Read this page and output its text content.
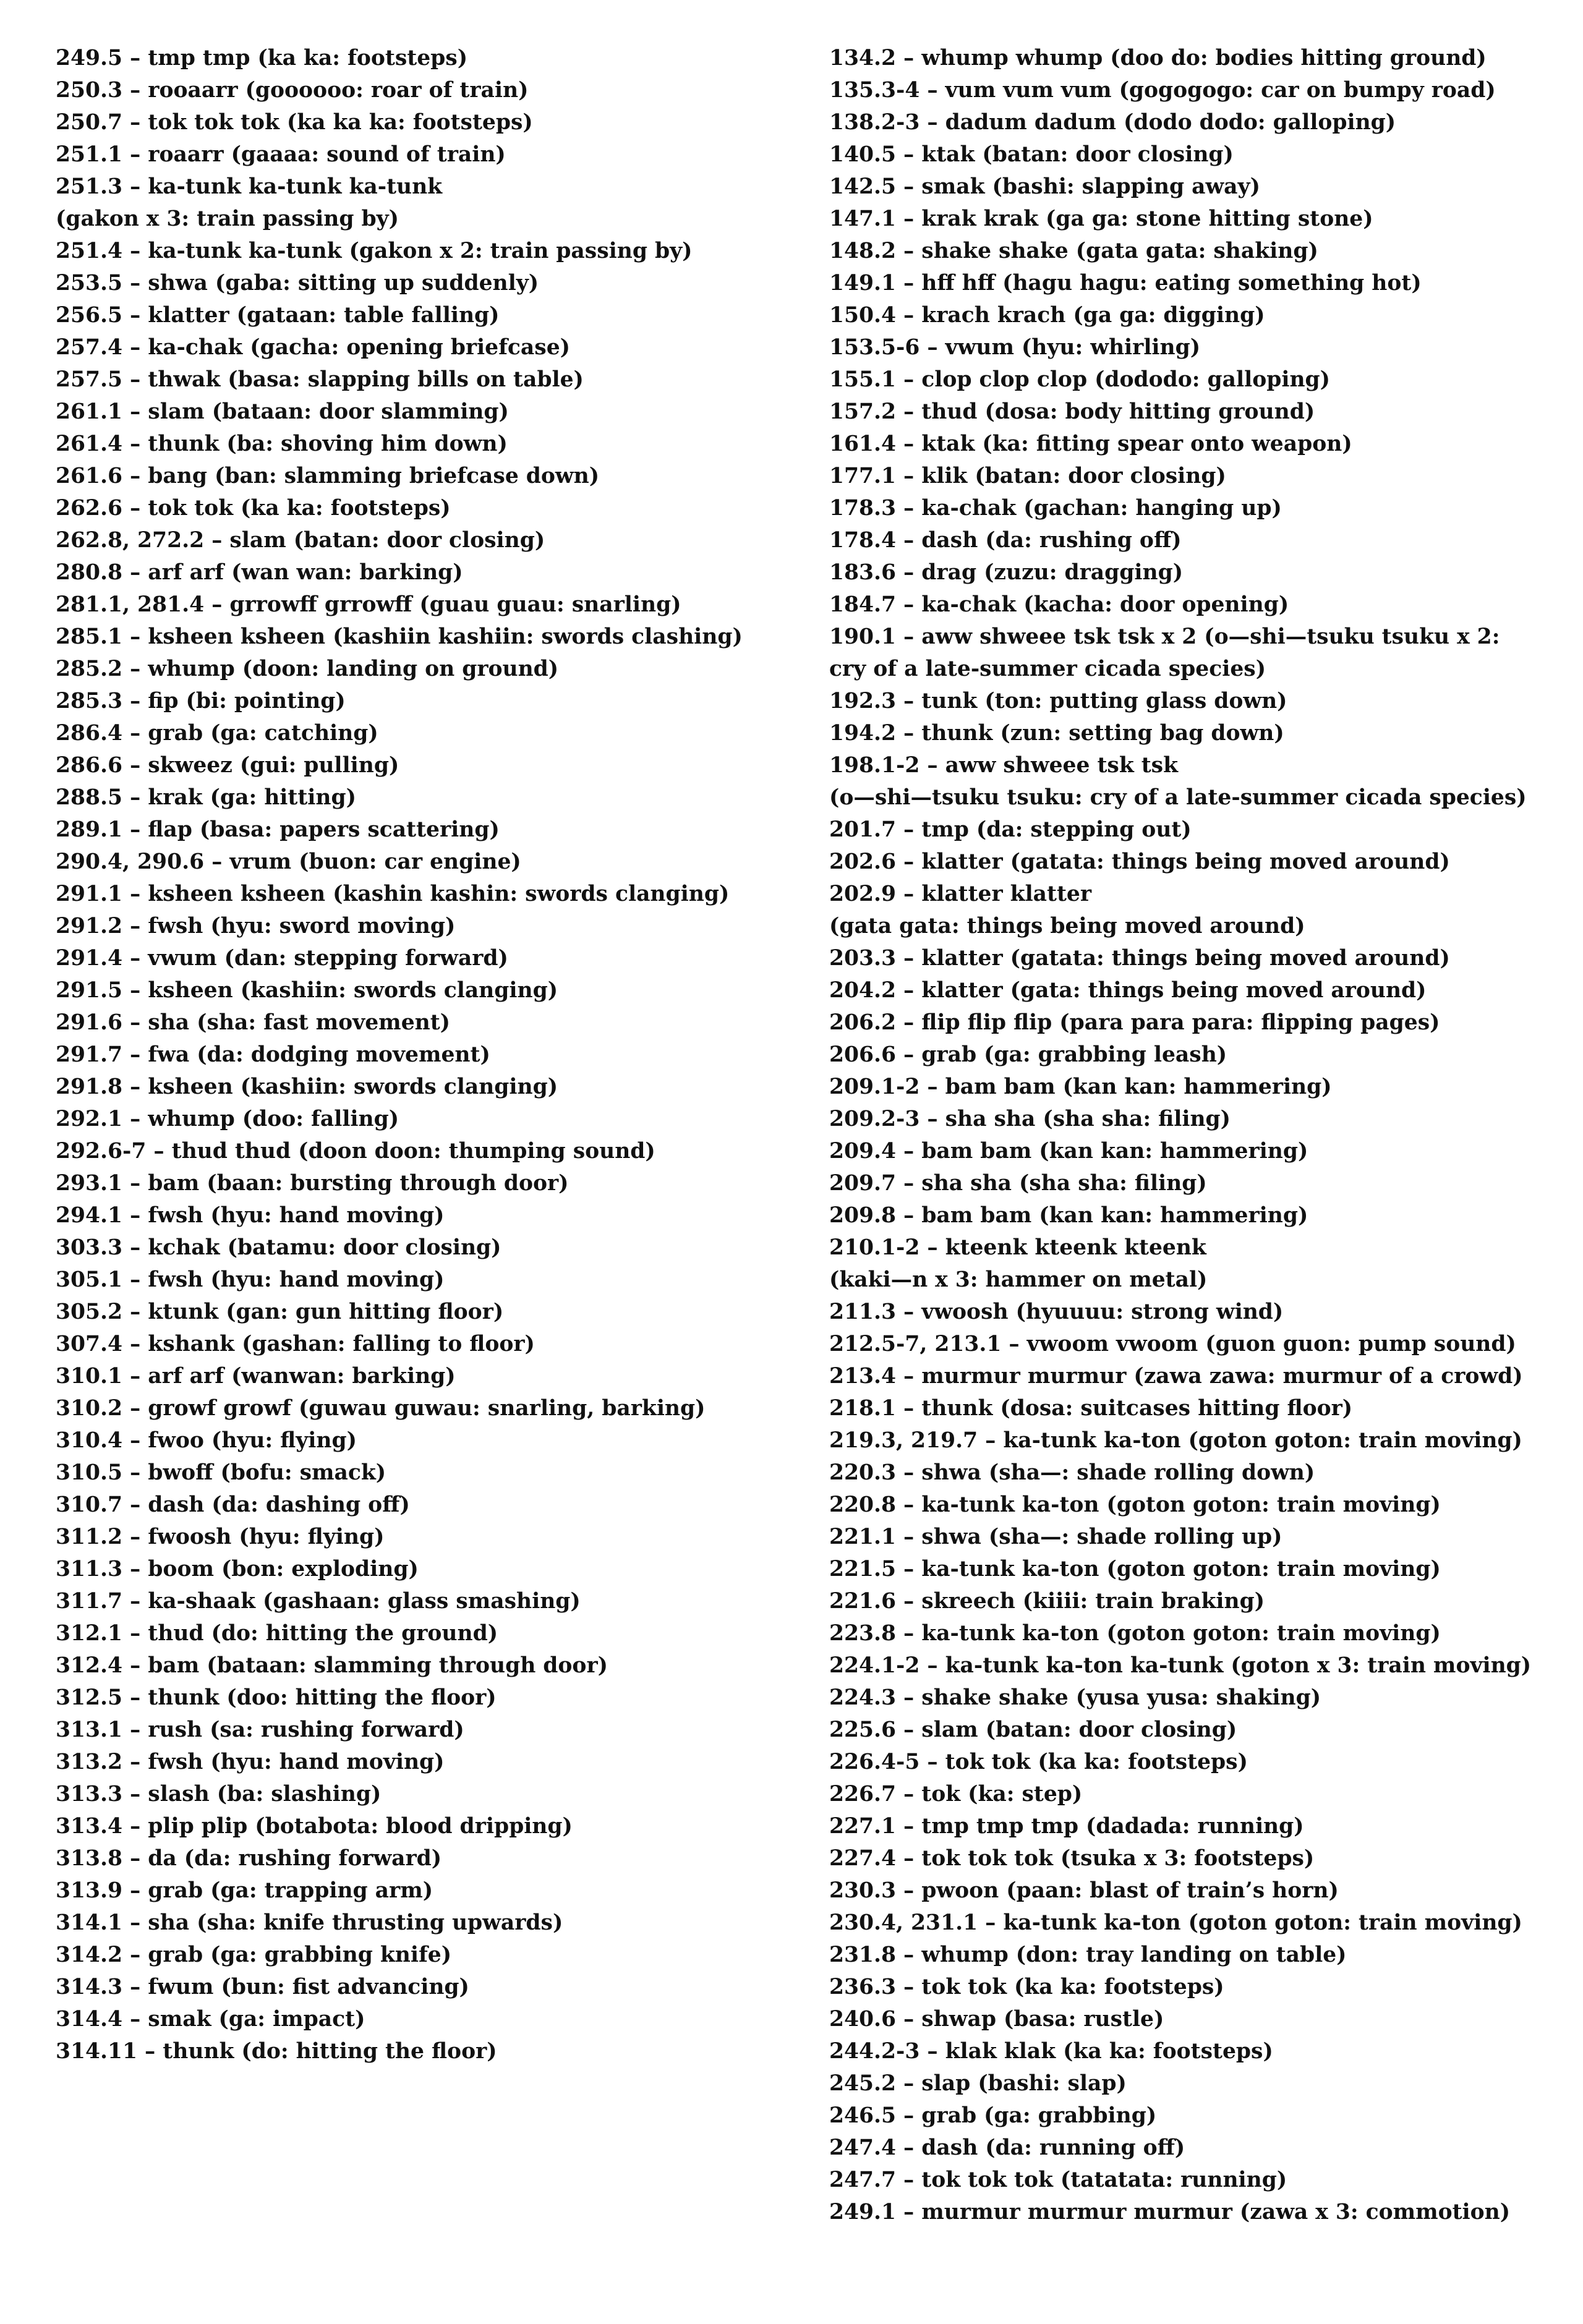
249.5 – tmp tmp (ka ka: footsteps)
250.3 – rooaarr (goooooo: roar of train)
250.7 – tok tok tok (ka ka ka: footsteps)
251.1 – roaarr (gaaaa: sound of train)
251.3 – ka-tunk ka-tunk ka-tunk
(gakon x 3: train passing by)
251.4 – ka-tunk ka-tunk (gakon x 2: train passing by)
253.5 – shwa (gaba: sitting up suddenly)
256.5 – klatter (gataan: table falling)
257.4 – ka-chak (gacha: opening briefcase)
257.5 – thwak (basa: slapping bills on table)
261.1 – slam (bataan: door slamming)
261.4 – thunk (ba: shoving him down)
261.6 – bang (ban: slamming briefcase down)
262.6 – tok tok (ka ka: footsteps)
262.8, 272.2 – slam (batan: door closing)
280.8 – arf arf (wan wan: barking)
281.1, 281.4 – grrowff grrowff (guau guau: snarling)
285.1 – ksheen ksheen (kashiin kashiin: swords clashing)
285.2 – whump (doon: landing on ground)
285.3 – fip (bi: pointing)
286.4 – grab (ga: catching)
286.6 – skweez (gui: pulling)
288.5 – krak (ga: hitting)
289.1 – flap (basa: papers scattering)
290.4, 290.6 – vrum (buon: car engine)
291.1 – ksheen ksheen (kashin kashin: swords clanging)
291.2 – fwsh (hyu: sword moving)
291.4 – vwum (dan: stepping forward)
291.5 – ksheen (kashiin: swords clanging)
291.6 – sha (sha: fast movement)
291.7 – fwa (da: dodging movement)
291.8 – ksheen (kashiin: swords clanging)
292.1 – whump (doo: falling)
292.6-7 – thud thud (doon doon: thumping sound)
293.1 – bam (baan: bursting through door)
294.1 – fwsh (hyu: hand moving)
303.3 – kchak (batamu: door closing)
305.1 – fwsh (hyu: hand moving)
305.2 – ktunk (gan: gun hitting floor)
307.4 – kshank (gashan: falling to floor)
310.1 – arf arf (wanwan: barking)
310.2 – growf growf (guwau guwau: snarling, barking)
310.4 – fwoo (hyu: flying)
310.5 – bwoff (bofu: smack)
310.7 – dash (da: dashing off)
311.2 – fwoosh (hyu: flying)
311.3 – boom (bon: exploding)
311.7 – ka-shaak (gashaan: glass smashing)
312.1 – thud (do: hitting the ground)
312.4 – bam (bataan: slamming through door)
312.5 – thunk (doo: hitting the floor)
313.1 – rush (sa: rushing forward)
313.2 – fwsh (hyu: hand moving)
313.3 – slash (ba: slashing)
313.4 – plip plip (botabota: blood dripping)
313.8 – da (da: rushing forward)
313.9 – grab (ga: trapping arm)
314.1 – sha (sha: knife thrusting upwards)
314.2 – grab (ga: grabbing knife)
314.3 – fwum (bun: fist advancing)
314.4 – smak (ga: impact)
314.11 – thunk (do: hitting the floor)
134.2 – whump whump (doo do: bodies hitting ground)
135.3-4 – vum vum vum (gogogogo: car on bumpy road)
138.2-3 – dadum dadum (dodo dodo: galloping)
140.5 – ktak (batan: door closing)
142.5 – smak (bashi: slapping away)
147.1 – krak krak (ga ga: stone hitting stone)
148.2 – shake shake (gata gata: shaking)
149.1 – hff hff (hagu hagu: eating something hot)
150.4 – krach krach (ga ga: digging)
153.5-6 – vwum (hyu: whirling)
155.1 – clop clop clop (dododo: galloping)
157.2 – thud (dosa: body hitting ground)
161.4 – ktak (ka: fitting spear onto weapon)
177.1 – klik (batan: door closing)
178.3 – ka-chak (gachan: hanging up)
178.4 – dash (da: rushing off)
183.6 – drag (zuzu: dragging)
184.7 – ka-chak (kacha: door opening)
190.1 – aww shweee tsk tsk x 2 (o—shi—tsuku tsuku x 2:
cry of a late-summer cicada species)
192.3 – tunk (ton: putting glass down)
194.2 – thunk (zun: setting bag down)
198.1-2 – aww shweee tsk tsk
(o—shi—tsuku tsuku: cry of a late-summer cicada species)
201.7 – tmp (da: stepping out)
202.6 – klatter (gatata: things being moved around)
202.9 – klatter klatter
(gata gata: things being moved around)
203.3 – klatter (gatata: things being moved around)
204.2 – klatter (gata: things being moved around)
206.2 – flip flip flip (para para para: flipping pages)
206.6 – grab (ga: grabbing leash)
209.1-2 – bam bam (kan kan: hammering)
209.2-3 – sha sha (sha sha: filing)
209.4 – bam bam (kan kan: hammering)
209.7 – sha sha (sha sha: filing)
209.8 – bam bam (kan kan: hammering)
210.1-2 – kteenk kteenk kteenk
(kaki—n x 3: hammer on metal)
211.3 – vwoosh (hyuuuu: strong wind)
212.5-7, 213.1 – vwoom vwoom (guon guon: pump sound)
213.4 – murmur murmur (zawa zawa: murmur of a crowd)
218.1 – thunk (dosa: suitcases hitting floor)
219.3, 219.7 – ka-tunk ka-ton (goton goton: train moving)
220.3 – shwa (sha—: shade rolling down)
220.8 – ka-tunk ka-ton (goton goton: train moving)
221.1 – shwa (sha—: shade rolling up)
221.5 – ka-tunk ka-ton (goton goton: train moving)
221.6 – skreech (kiiii: train braking)
223.8 – ka-tunk ka-ton (goton goton: train moving)
224.1-2 – ka-tunk ka-ton ka-tunk (goton x 3: train moving)
224.3 – shake shake (yusa yusa: shaking)
225.6 – slam (batan: door closing)
226.4-5 – tok tok (ka ka: footsteps)
226.7 – tok (ka: step)
227.1 – tmp tmp tmp (dadada: running)
227.4 – tok tok tok (tsuka x 3: footsteps)
230.3 – pwoon (paan: blast of train’s horn)
230.4, 231.1 – ka-tunk ka-ton (goton goton: train moving)
231.8 – whump (don: tray landing on table)
236.3 – tok tok (ka ka: footsteps)
240.6 – shwap (basa: rustle)
244.2-3 – klak klak (ka ka: footsteps)
245.2 – slap (bashi: slap)
246.5 – grab (ga: grabbing)
247.4 – dash (da: running off)
247.7 – tok tok tok (tatatata: running)
249.1 – murmur murmur murmur (zawa x 3: commotion)
